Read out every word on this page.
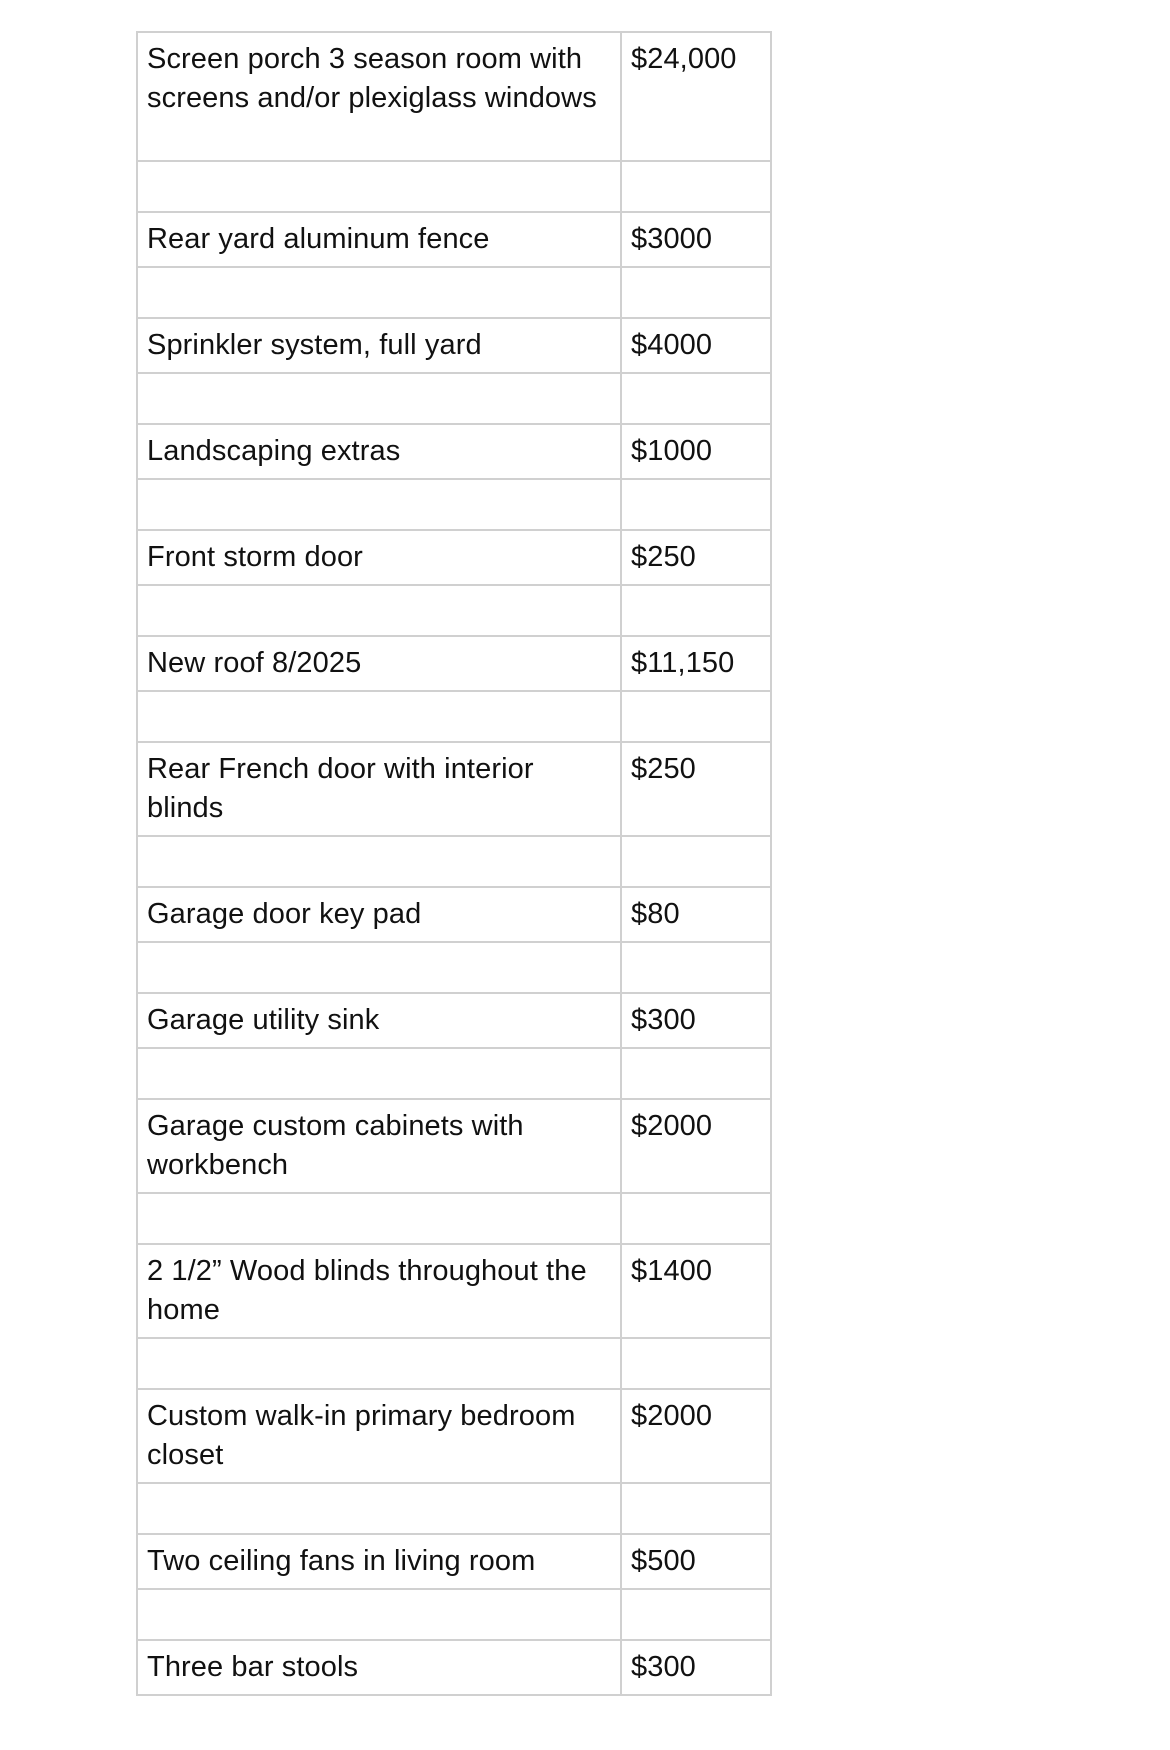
Screen porch 3 season room with screens and/or plexiglass windows	$24,000

Rear yard aluminum fence	$3000

Sprinkler system, full yard	$4000

Landscaping extras	$1000

Front storm door	$250

New roof 8/2025	$11,150

Rear French door with interior blinds	$250

Garage door key pad	$80

Garage utility sink	$300

Garage custom cabinets with workbench	$2000

2 1/2” Wood blinds throughout the home	$1400

Custom walk-in primary bedroom closet	$2000

Two ceiling fans in living room	$500

Three bar stools	$300
